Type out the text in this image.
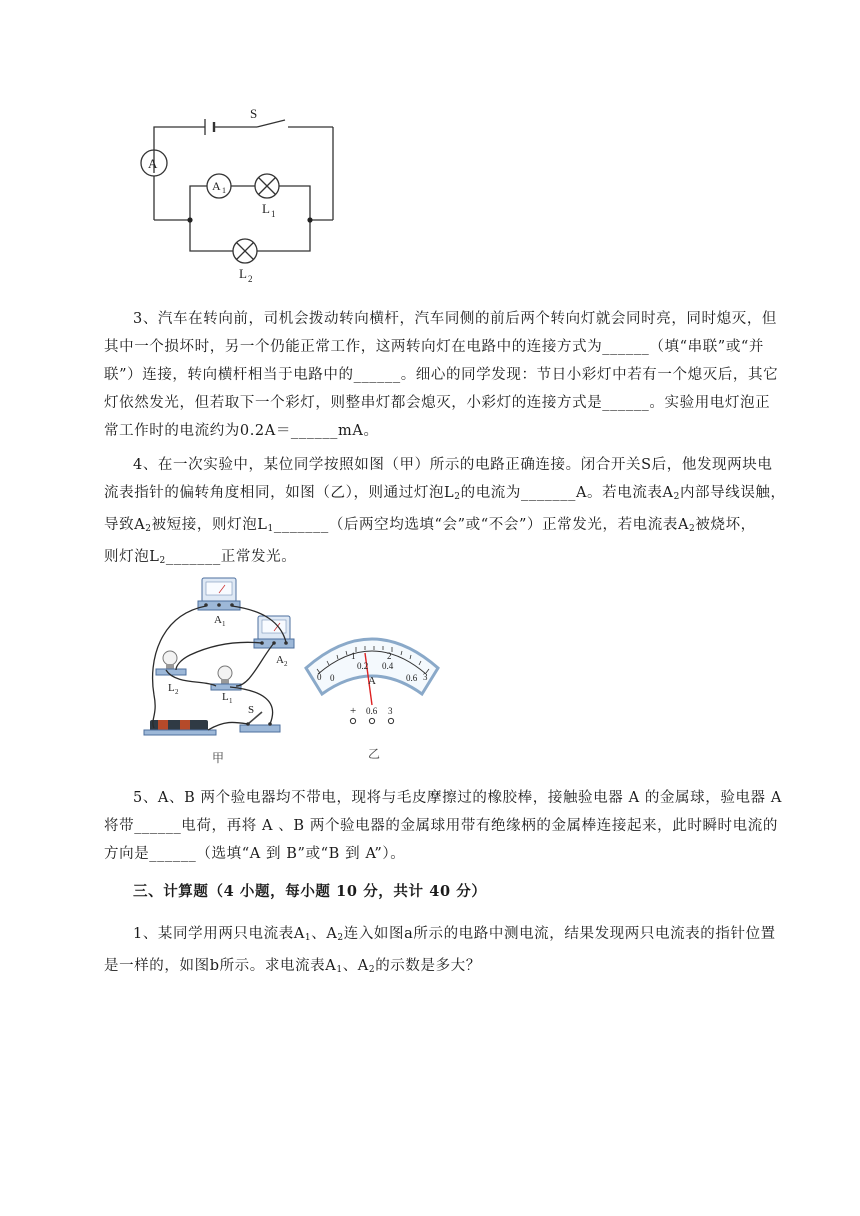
S
A
A 1
L 1
L 2
3、汽车在转向前，司机会拨动转向横杆，汽车同侧的前后两个转向灯就会同时亮，同时熄灭，但
其中一个损坏时，另一个仍能正常工作，这两转向灯在电路中的连接方式为______（填“串联”或“并
联”）连接，转向横杆相当于电路中的______。细心的同学发现：节日小彩灯中若有一个熄灭后，其它
灯依然发光，但若取下一个彩灯，则整串灯都会熄灭，小彩灯的连接方式是______。实验用电灯泡正
常工作时的电流约为0.2A＝______mA。
4、在一次实验中，某位同学按照如图（甲）所示的电路正确连接。闭合开关S后，他发现两块电
流表指针的偏转角度相同，如图（乙），则通过灯泡$L_2$的电流为_______A。若电流表$A_2$内部导线误触，
导致$A_2$被短接，则灯泡$L_1\_\_\_\_\_\_\_$（后两空均选填“会”或“不会”）正常发光，若电流表$A_2$被烧坏，
则灯泡$L_2\_\_\_\_\_\_\_$正常发光。
A 1
A 2
L 2	L 1
S
甲
0
1	2
3
0
0.2 0.4
0.6
A
+ 0.6 3
乙
5、A、B 两个验电器均不带电，现将与毛皮摩擦过的橡胶棒，接触验电器 A 的金属球，验电器 A
将带______电荷，再将 A 、B 两个验电器的金属球用带有绝缘柄的金属棒连接起来，此时瞬时电流的
方向是______（选填“A 到 B”或“B 到 A”）。
三、计算题（4 小题，每小题 10 分，共计 40 分）
1、某同学用两只电流表$A_1$、$A_2$连入如图a所示的电路中测电流，结果发现两只电流表的指针位置
是一样的，如图b所示。求电流表$A_1$、$A_2$的示数是多大？
